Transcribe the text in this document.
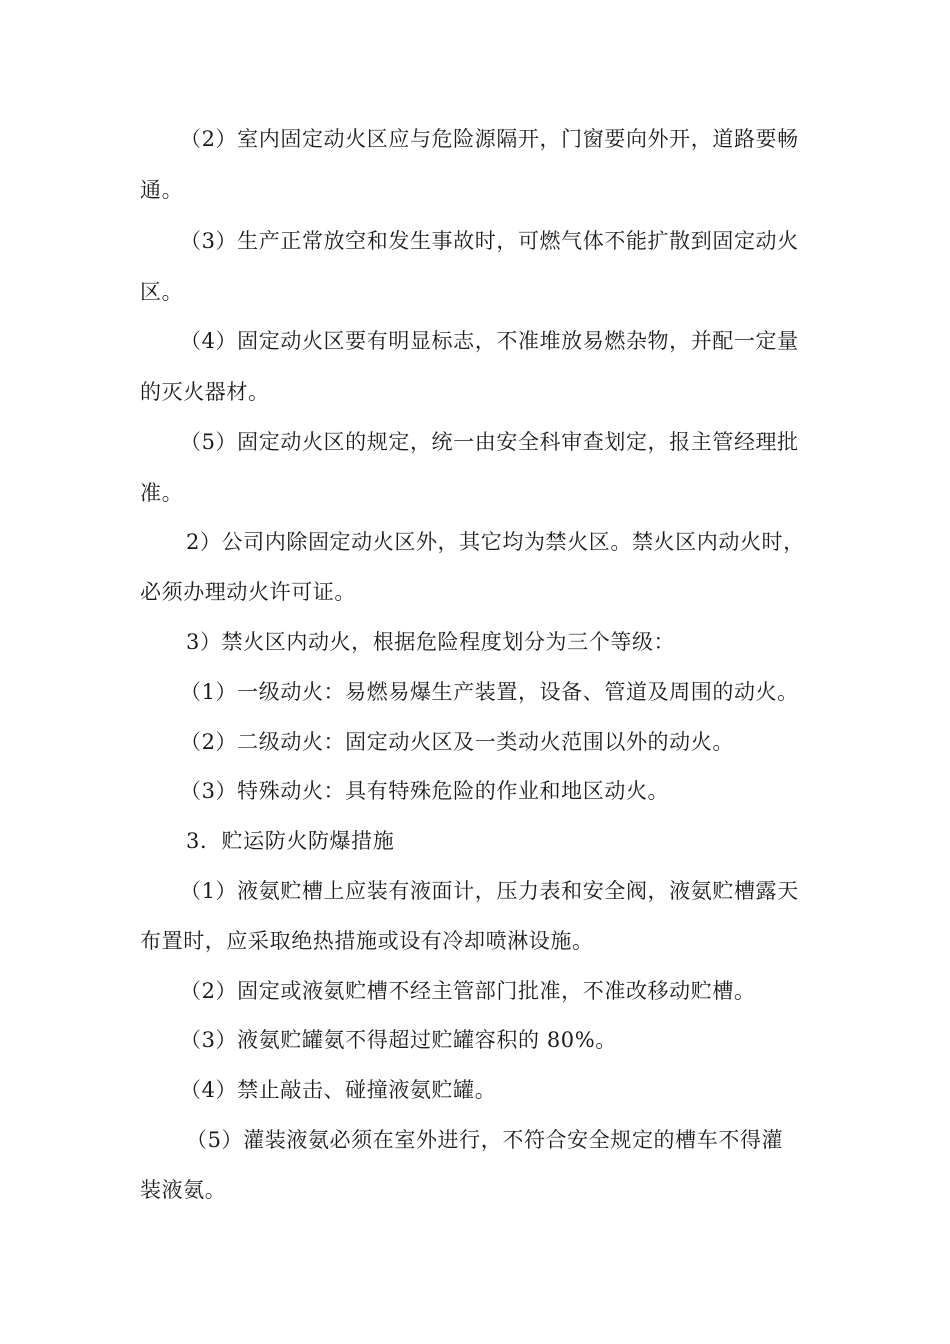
（2）室内固定动火区应与危险源隔开，门窗要向外开，道路要畅
通。
（3）生产正常放空和发生事故时，可燃气体不能扩散到固定动火
区。
（4）固定动火区要有明显标志，不准堆放易燃杂物，并配一定量
的灭火器材。
（5）固定动火区的规定，统一由安全科审查划定，报主管经理批
准。
2）公司内除固定动火区外，其它均为禁火区。禁火区内动火时，
必须办理动火许可证。
3）禁火区内动火，根据危险程度划分为三个等级：
（1）一级动火：易燃易爆生产装置，设备、管道及周围的动火。
（2）二级动火：固定动火区及一类动火范围以外的动火。
（3）特殊动火：具有特殊危险的作业和地区动火。
3．贮运防火防爆措施
（1）液氨贮槽上应装有液面计，压力表和安全阀，液氨贮槽露天
布置时，应采取绝热措施或设有冷却喷淋设施。
（2）固定或液氨贮槽不经主管部门批准，不准改移动贮槽。
（3）液氨贮罐氨不得超过贮罐容积的 80%。
（4）禁止敲击、碰撞液氨贮罐。
（5）灌装液氨必须在室外进行，不符合安全规定的槽车不得灌
装液氨。
